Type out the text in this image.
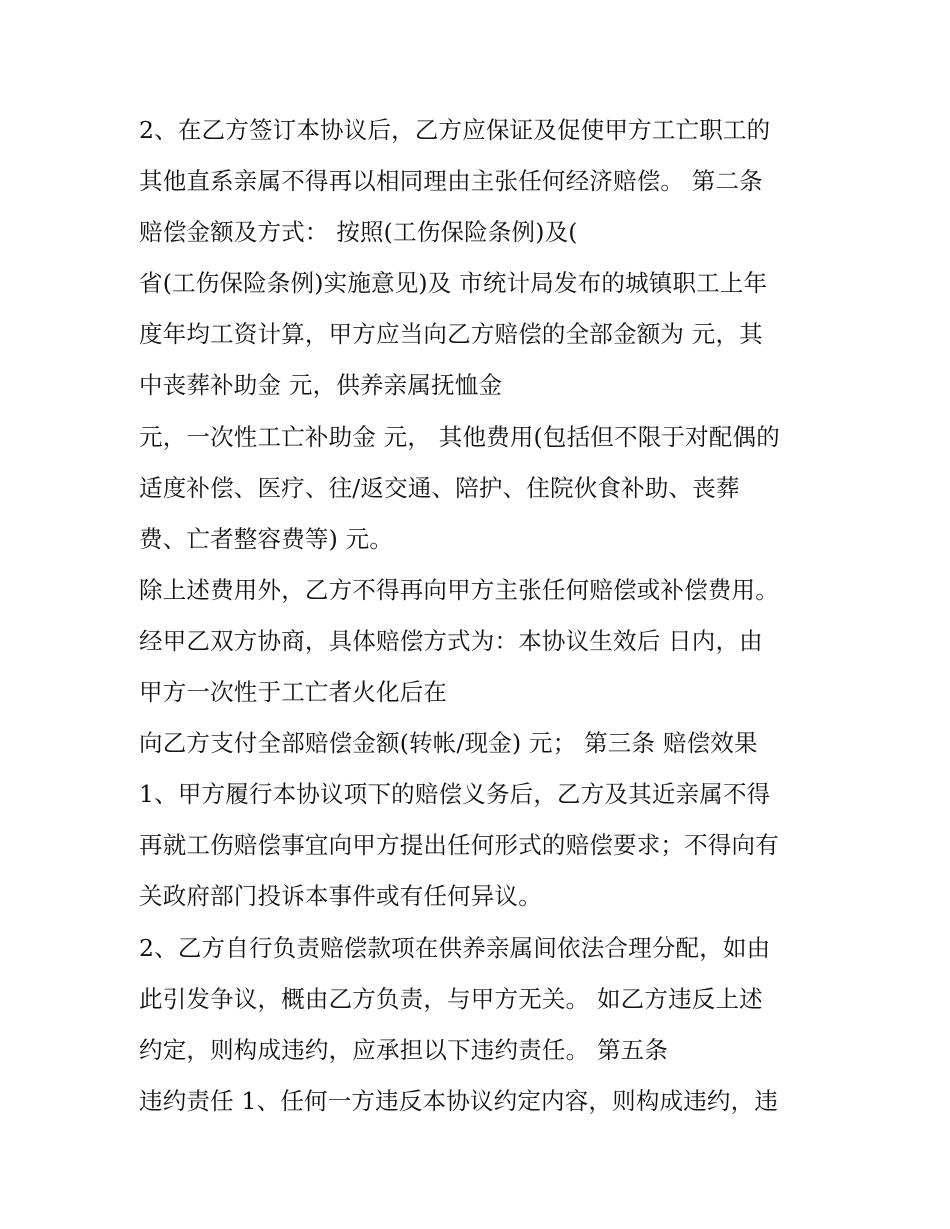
2、在乙方签订本协议后，乙方应保证及促使甲方工亡职工的
其他直系亲属不得再以相同理由主张任何经济赔偿。 第二条
赔偿金额及方式： 按照(工伤保险条例)及(
省(工伤保险条例)实施意见)及 市统计局发布的城镇职工上年
度年均工资计算，甲方应当向乙方赔偿的全部金额为 元，其
中丧葬补助金 元，供养亲属抚恤金
元，一次性工亡补助金 元， 其他费用(包括但不限于对配偶的
适度补偿、医疗、往/返交通、陪护、住院伙食补助、丧葬
费、亡者整容费等) 元。
除上述费用外，乙方不得再向甲方主张任何赔偿或补偿费用。
经甲乙双方协商，具体赔偿方式为：本协议生效后 日内，由
甲方一次性于工亡者火化后在
向乙方支付全部赔偿金额(转帐/现金) 元； 第三条 赔偿效果
1、甲方履行本协议项下的赔偿义务后，乙方及其近亲属不得
再就工伤赔偿事宜向甲方提出任何形式的赔偿要求；不得向有
关政府部门投诉本事件或有任何异议。
2、乙方自行负责赔偿款项在供养亲属间依法合理分配，如由
此引发争议，概由乙方负责，与甲方无关。 如乙方违反上述
约定，则构成违约，应承担以下违约责任。 第五条
违约责任 1、任何一方违反本协议约定内容，则构成违约，违
